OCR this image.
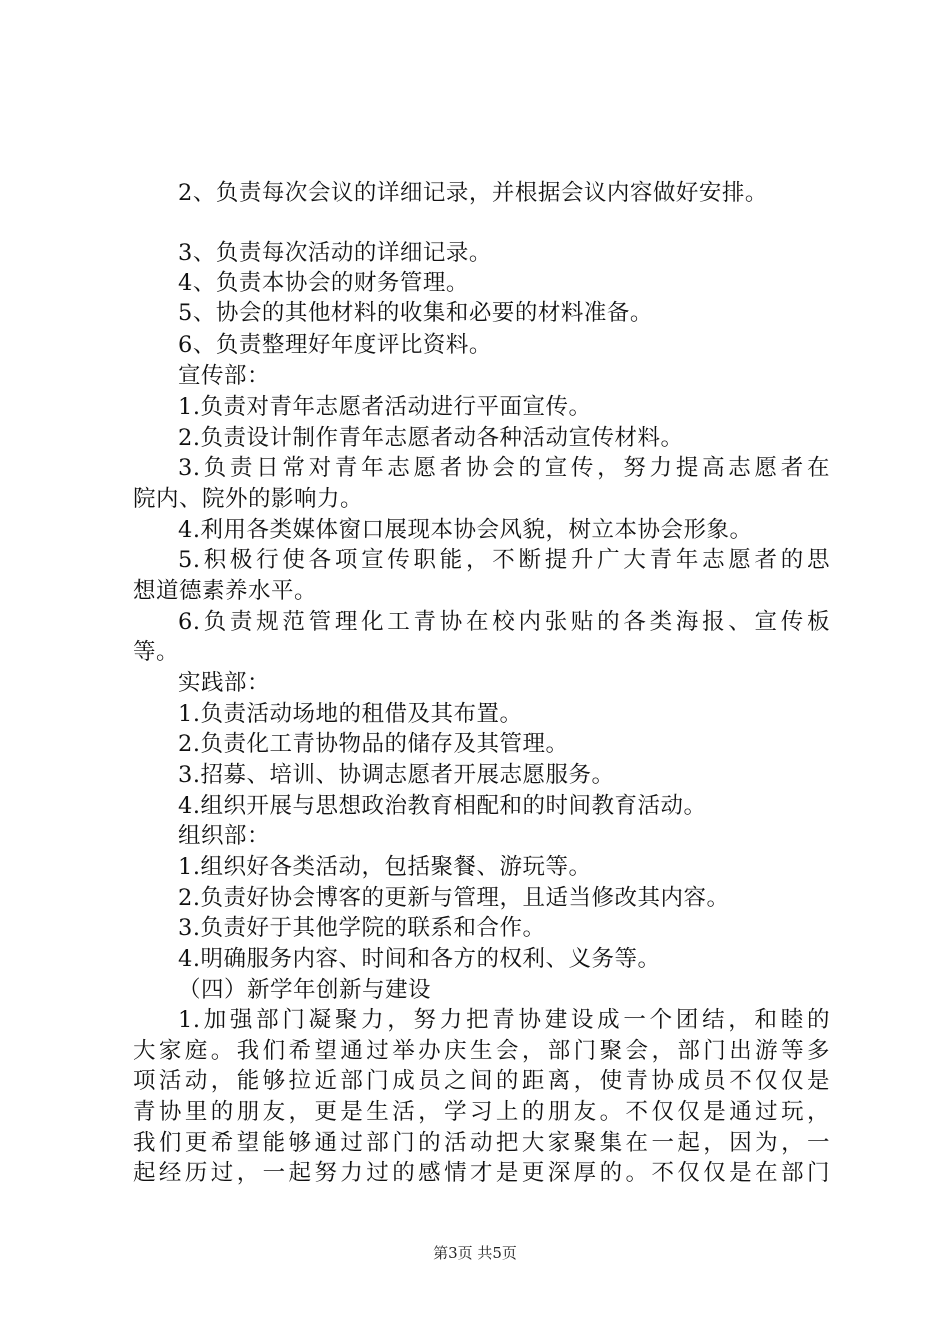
2、负责每次会议的详细记录，并根据会议内容做好安排。
3、负责每次活动的详细记录。
4、负责本协会的财务管理。
5、协会的其他材料的收集和必要的材料准备。
6、负责整理好年度评比资料。
宣传部：
1.负责对青年志愿者活动进行平面宣传。
2.负责设计制作青年志愿者动各种活动宣传材料。
3.负责日常对青年志愿者协会的宣传，努力提高志愿者在
院内、院外的影响力。
4.利用各类媒体窗口展现本协会风貌，树立本协会形象。
5.积极行使各项宣传职能，不断提升广大青年志愿者的思
想道德素养水平。
6.负责规范管理化工青协在校内张贴的各类海报、宣传板
等。
实践部：
1.负责活动场地的租借及其布置。
2.负责化工青协物品的储存及其管理。
3.招募、培训、协调志愿者开展志愿服务。
4.组织开展与思想政治教育相配和的时间教育活动。
组织部：
1.组织好各类活动，包括聚餐、游玩等。
2.负责好协会博客的更新与管理，且适当修改其内容。
3.负责好于其他学院的联系和合作。
4.明确服务内容、时间和各方的权利、义务等。
（四）新学年创新与建设
1.加强部门凝聚力，努力把青协建设成一个团结，和睦的
大家庭。我们希望通过举办庆生会，部门聚会，部门出游等多
项活动，能够拉近部门成员之间的距离，使青协成员不仅仅是
青协里的朋友，更是生活，学习上的朋友。不仅仅是通过玩，
我们更希望能够通过部门的活动把大家聚集在一起，因为，一
起经历过，一起努力过的感情才是更深厚的。不仅仅是在部门
第3页 共5页
